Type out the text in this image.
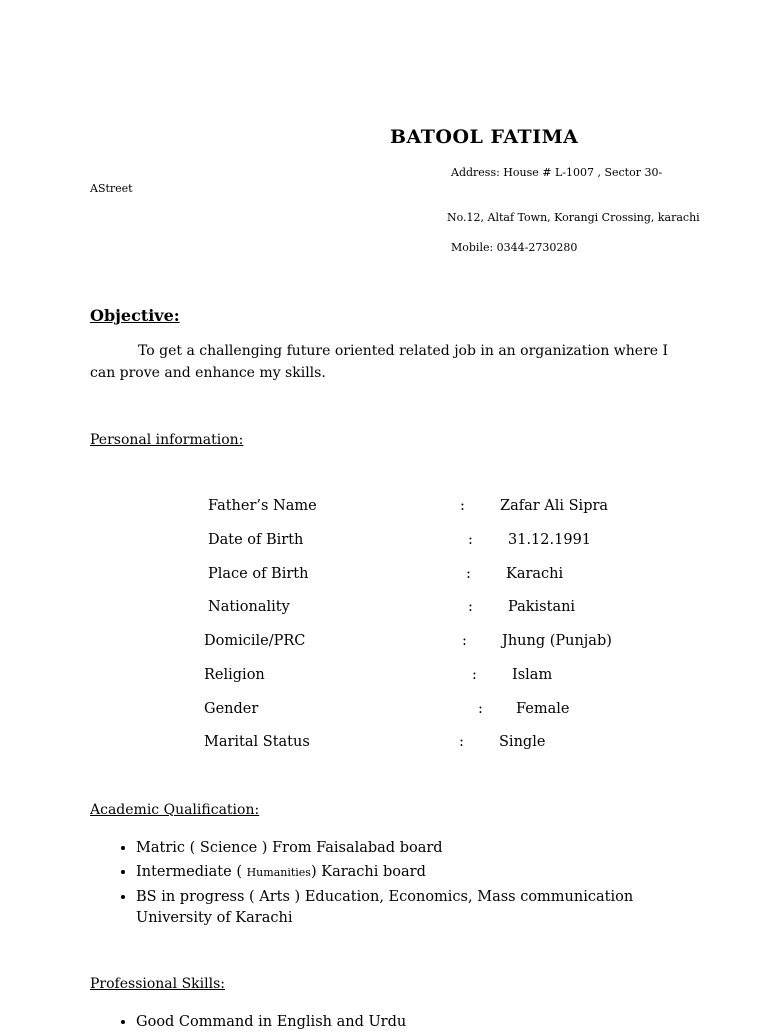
BATOOL FATIMA
Address: House # L-1007 , Sector 30-
AStreet
No.12, Altaf Town, Korangi Crossing, karachi
Mobile: 0344-2730280
Objective:
To get a challenging future oriented related job in an organization where I can prove and enhance my skills.
Personal information:
Father’s Name	: Zafar Ali Sipra
Date of Birth	: 31.12.1991
Place of Birth	: Karachi
Nationality	: Pakistani
Domicile/PRC	: Jhung (Punjab)
Religion	: Islam
Gender	: Female
Marital Status	: Single
Academic Qualification:
• Matric ( Science ) From Faisalabad board
• Intermediate ( Humanities) Karachi board
• BS in progress ( Arts ) Education, Economics, Mass communication
University of Karachi
Professional Skills:
• Good Command in English and Urdu
